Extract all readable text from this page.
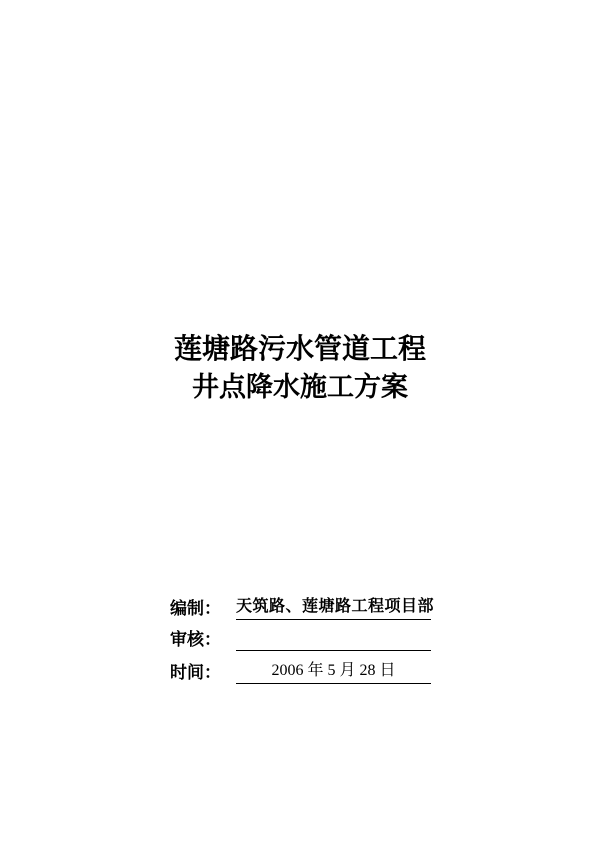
莲塘路污水管道工程
井点降水施工方案
编制： 天筑路、莲塘路工程项目部
审核：
时间：	2006 年 5 月 28 日
